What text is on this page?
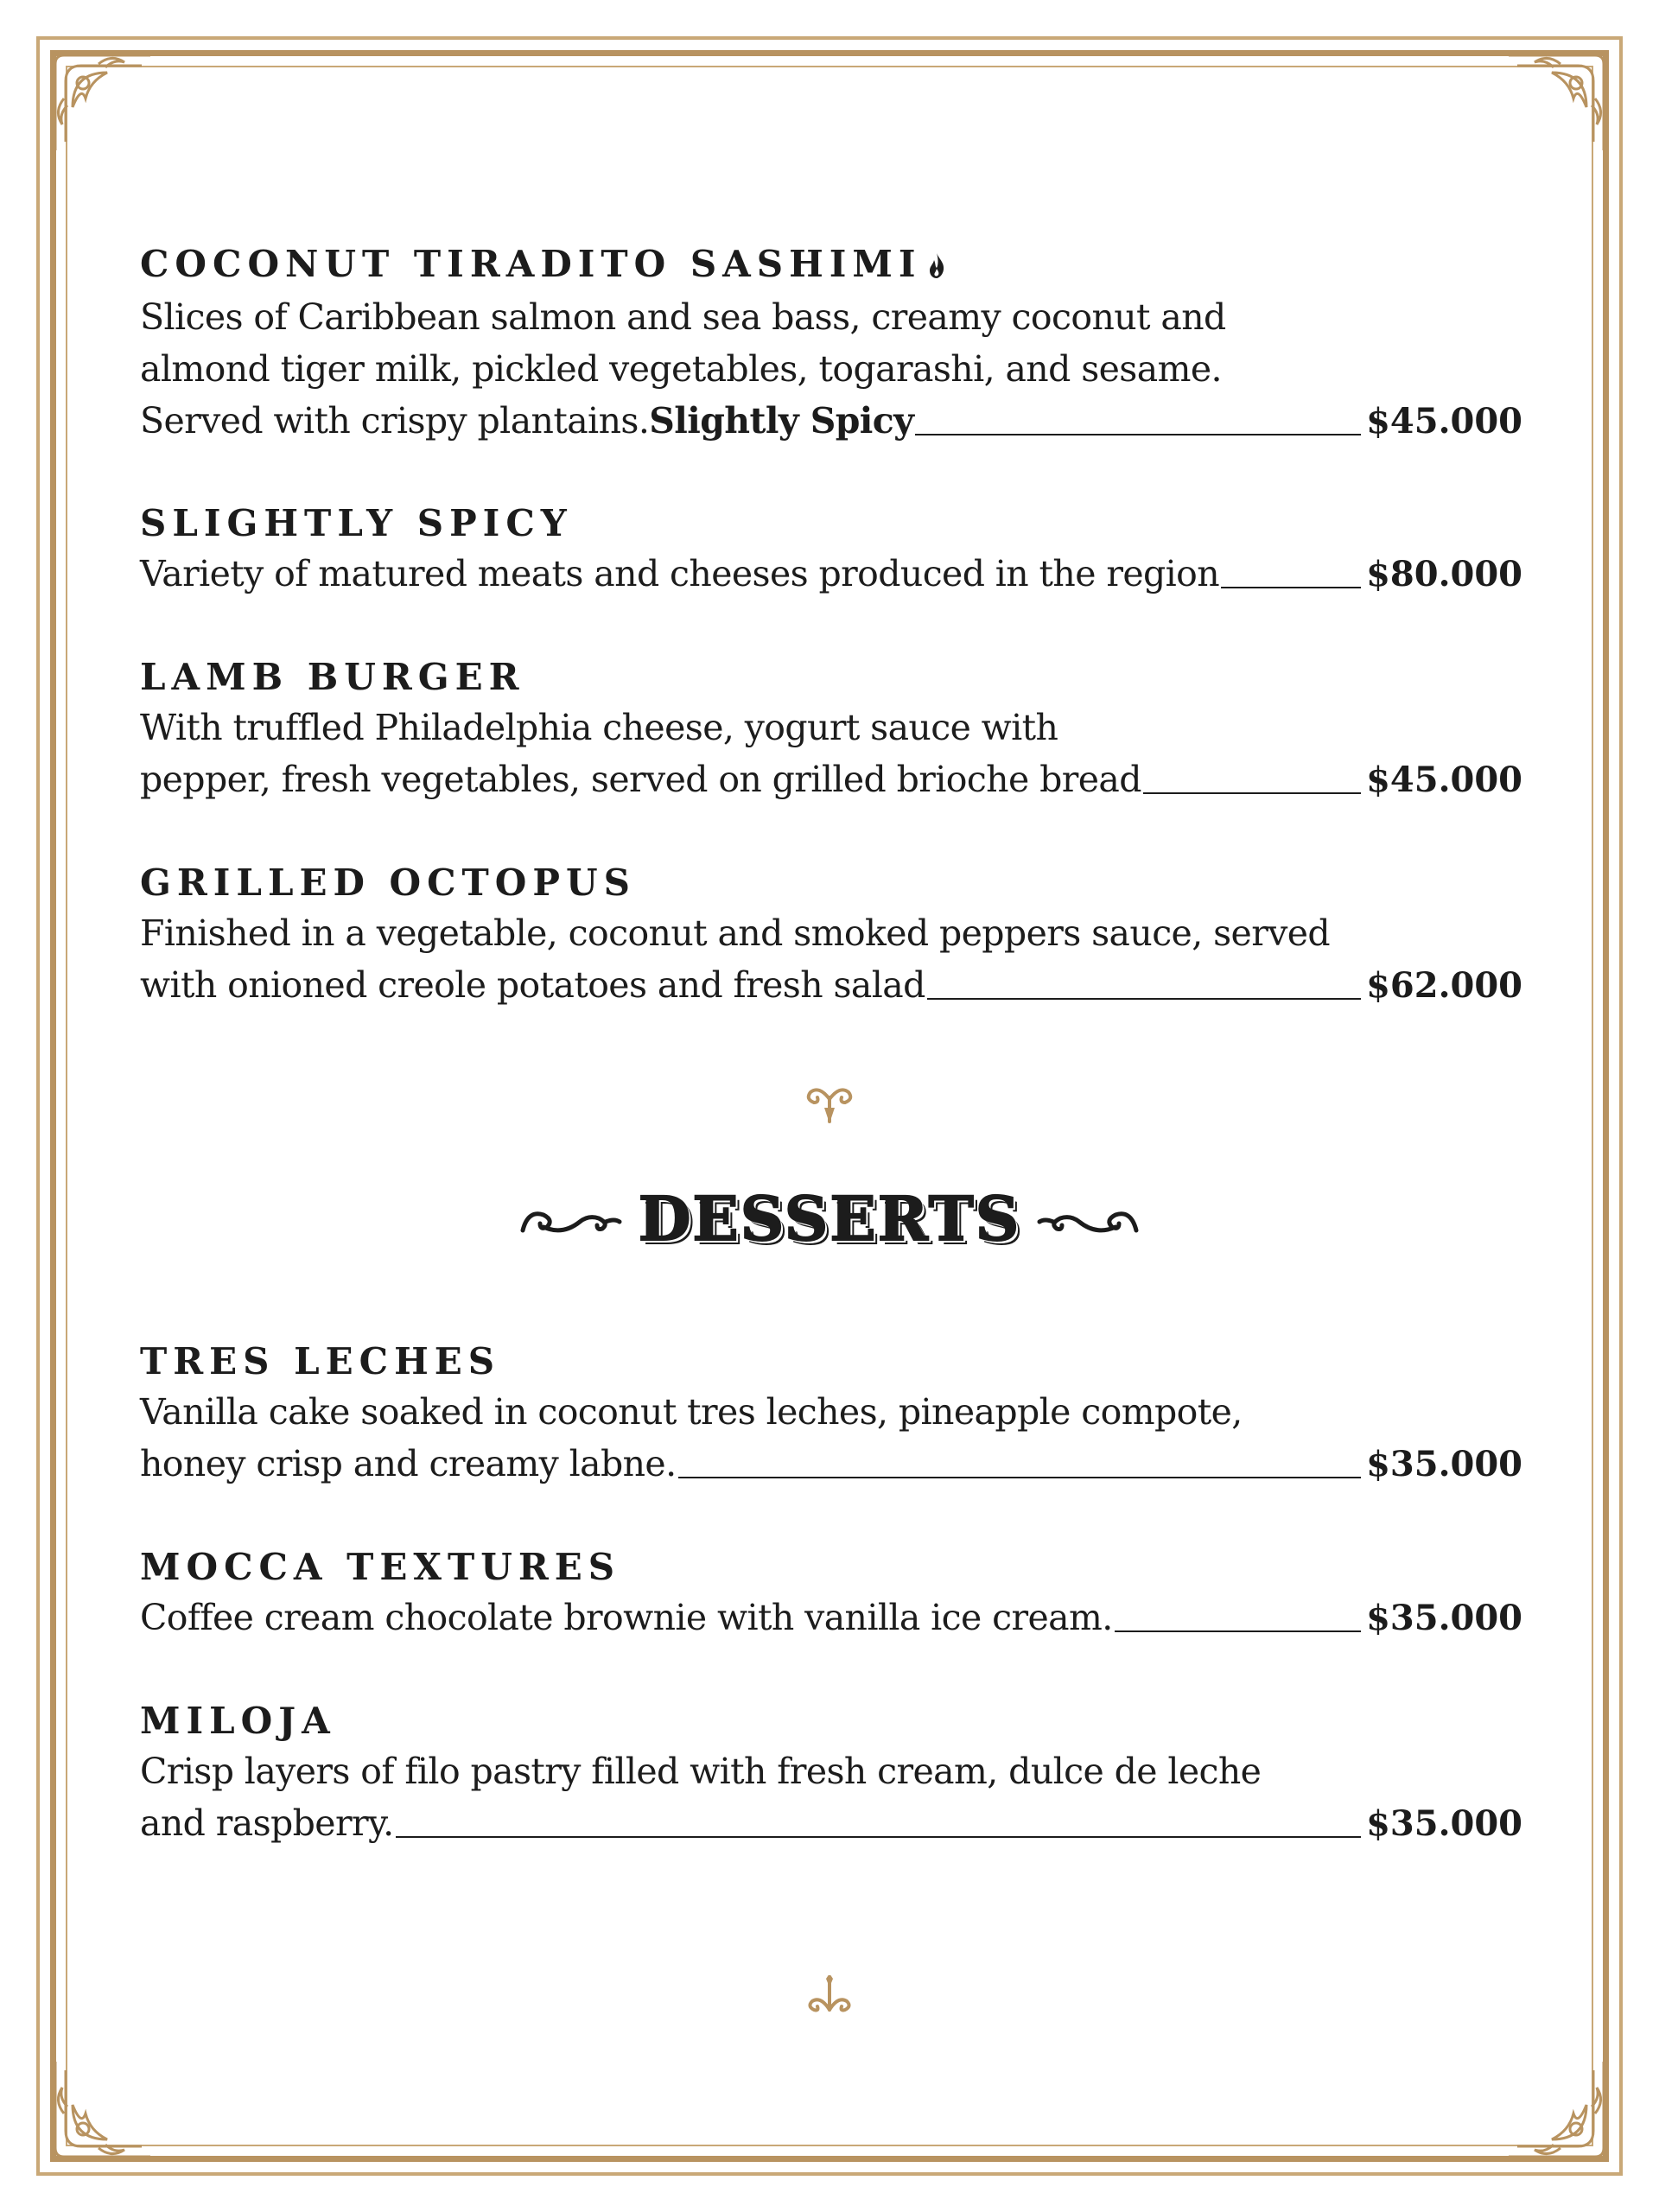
COCONUT TIRADITO SASHIMI
Slices of Caribbean salmon and sea bass, creamy coconut and
almond tiger milk, pickled vegetables, togarashi, and sesame.
Served with crispy plantains. Slightly Spicy	$45.000
SLIGHTLY SPICY
Variety of matured meats and cheeses produced in the region	$80.000
LAMB BURGER
With truffled Philadelphia cheese, yogurt sauce with
pepper, fresh vegetables, served on grilled brioche bread	$45.000
GRILLED OCTOPUS
Finished in a vegetable, coconut and smoked peppers sauce, served
with onioned creole potatoes and fresh salad	$62.000
DESSERTS
TRES LECHES
Vanilla cake soaked in coconut tres leches, pineapple compote,
honey crisp and creamy labne.	$35.000
MOCCA TEXTURES
Coffee cream chocolate brownie with vanilla ice cream.	$35.000
MILOJA
Crisp layers of filo pastry filled with fresh cream, dulce de leche
and raspberry.	$35.000
